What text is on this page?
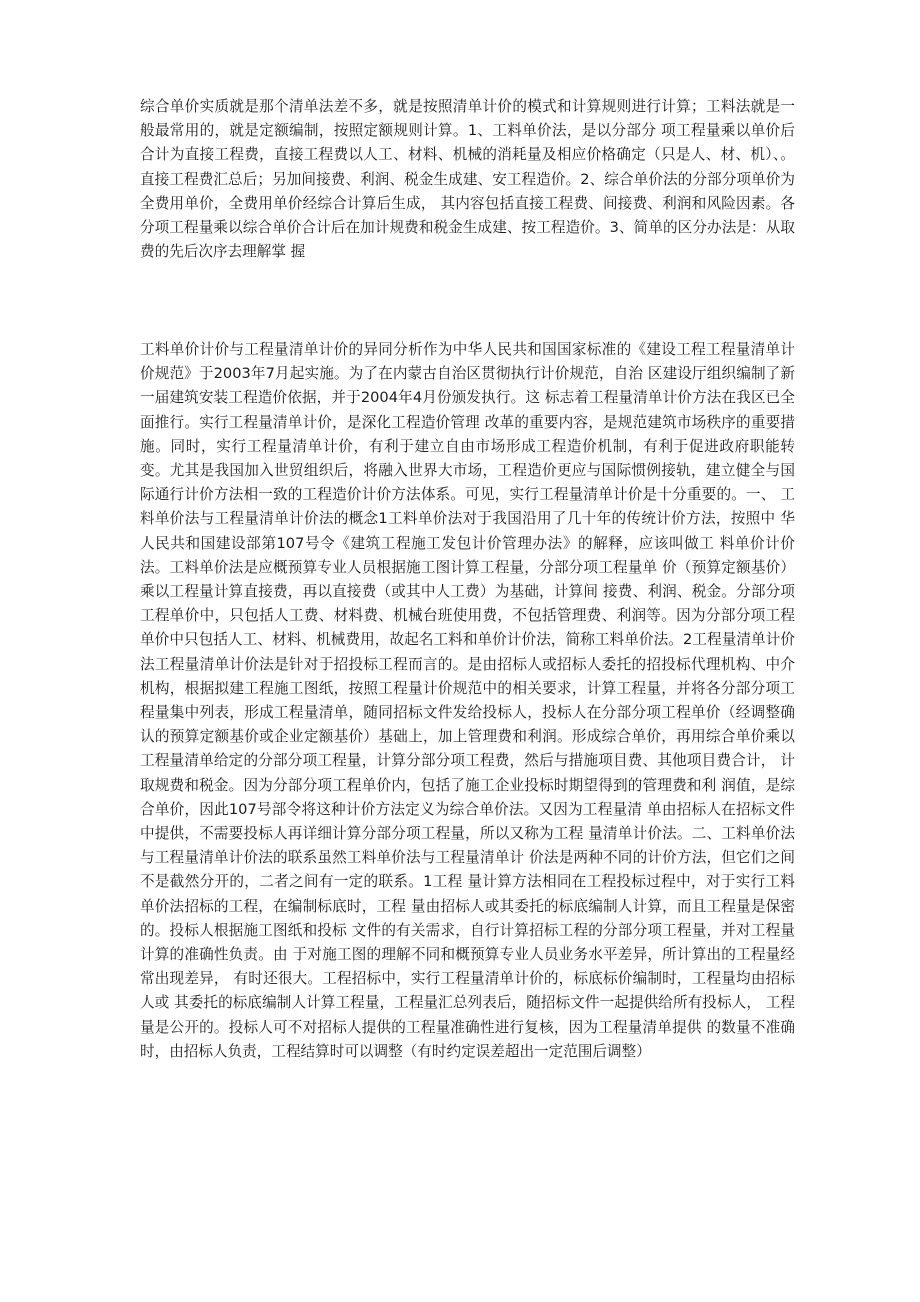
综合单价实质就是那个清单法差不多，就是按照清单计价的模式和计算规则进行计算；工料法就是一般最常用的，就是定额编制，按照定额规则计算。1、工料单价法，是以分部分 项工程量乘以单价后合计为直接工程费，直接工程费以人工、材料、机械的消耗量及相应价格确定（只是人、材、机）、。直接工程费汇总后；另加间接费、利润、税金生成建、安工程造价。2、综合单价法的分部分项单价为全费用单价，全费用单价经综合计算后生成， 其内容包括直接工程费、间接费、利润和风险因素。各分项工程量乘以综合单价合计后在加计规费和税金生成建、按工程造价。3、简单的区分办法是：从取费的先后次序去理解掌 握

工料单价计价与工程量清单计价的异同分析作为中华人民共和国国家标准的《建设工程工程量清单计价规范》于2003年7月起实施。为了在内蒙古自治区贯彻执行计价规范，自治 区建设厅组织编制了新一届建筑安装工程造价依据，并于2004年4月份颁发执行。这 标志着工程量清单计价方法在我区已全面推行。实行工程量清单计价，是深化工程造价管理 改革的重要内容，是规范建筑市场秩序的重要措施。同时，实行工程量清单计价，有利于建立自由市场形成工程造价机制，有利于促进政府职能转变。尤其是我国加入世贸组织后，将融入世界大市场，工程造价更应与国际惯例接轨，建立健全与国际通行计价方法相一致的工程造价计价方法体系。可见，实行工程量清单计价是十分重要的。一、 工料单价法与工程量清单计价法的概念1工料单价法对于我国沿用了几十年的传统计价方法，按照中 华人民共和国建设部第107号令《建筑工程施工发包计价管理办法》的解释，应该叫做工 料单价计价法。工料单价法是应概预算专业人员根据施工图计算工程量，分部分项工程量单 价（预算定额基价）乘以工程量计算直接费，再以直接费（或其中人工费）为基础，计算间 接费、利润、税金。分部分项工程单价中，只包括人工费、材料费、机械台班使用费，不包括管理费、利润等。因为分部分项工程单价中只包括人工、材料、机械费用，故起名工料和单价计价法，简称工料单价法。2工程量清单计价法工程量清单计价法是针对于招投标工程而言的。是由招标人或招标人委托的招投标代理机构、中介机构，根据拟建工程施工图纸，按照工程量计价规范中的相关要求，计算工程量，并将各分部分项工程量集中列表，形成工程量清单，随同招标文件发给投标人，投标人在分部分项工程单价（经调整确认的预算定额基价或企业定额基价）基础上，加上管理费和利润。形成综合单价，再用综合单价乘以工程量清单给定的分部分项工程量，计算分部分项工程费，然后与措施项目费、其他项目费合计， 计取规费和税金。因为分部分项工程单价内，包括了施工企业投标时期望得到的管理费和利 润值，是综合单价，因此107号部令将这种计价方法定义为综合单价法。又因为工程量清 单由招标人在招标文件中提供，不需要投标人再详细计算分部分项工程量，所以又称为工程 量清单计价法。二、工料单价法与工程量清单计价法的联系虽然工料单价法与工程量清单计 价法是两种不同的计价方法，但它们之间不是截然分开的，二者之间有一定的联系。1工程 量计算方法相同在工程投标过程中，对于实行工料单价法招标的工程，在编制标底时，工程 量由招标人或其委托的标底编制人计算，而且工程量是保密的。投标人根据施工图纸和投标 文件的有关需求，自行计算招标工程的分部分项工程量，并对工程量计算的准确性负责。由 于对施工图的理解不同和概预算专业人员业务水平差异，所计算出的工程量经常出现差异， 有时还很大。工程招标中，实行工程量清单计价的，标底标价编制时，工程量均由招标人或 其委托的标底编制人计算工程量，工程量汇总列表后，随招标文件一起提供给所有投标人， 工程量是公开的。投标人可不对招标人提供的工程量准确性进行复核，因为工程量清单提供 的数量不准确时，由招标人负责，工程结算时可以调整（有时约定误差超出一定范围后调整）
